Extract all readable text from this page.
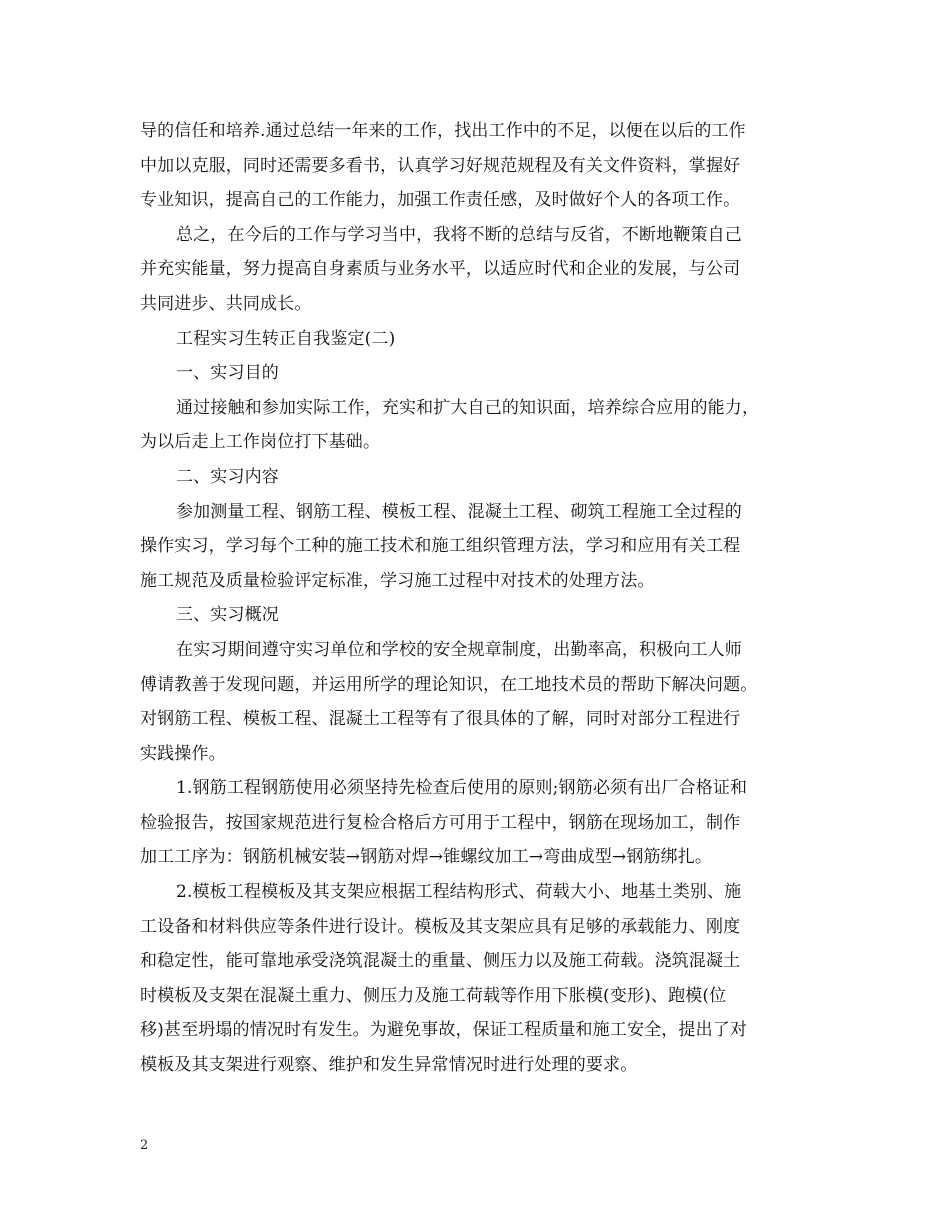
导的信任和培养.通过总结一年来的工作，找出工作中的不足，以便在以后的工作
中加以克服，同时还需要多看书，认真学习好规范规程及有关文件资料，掌握好
专业知识，提高自己的工作能力，加强工作责任感，及时做好个人的各项工作。

总之，在今后的工作与学习当中，我将不断的总结与反省，不断地鞭策自己
并充实能量，努力提高自身素质与业务水平，以适应时代和企业的发展，与公司
共同进步、共同成长。

工程实习生转正自我鉴定(二)

一、实习目的

通过接触和参加实际工作，充实和扩大自己的知识面，培养综合应用的能力，
为以后走上工作岗位打下基础。

二、实习内容

参加测量工程、钢筋工程、模板工程、混凝土工程、砌筑工程施工全过程的
操作实习，学习每个工种的施工技术和施工组织管理方法，学习和应用有关工程
施工规范及质量检验评定标准，学习施工过程中对技术的处理方法。

三、实习概况

在实习期间遵守实习单位和学校的安全规章制度，出勤率高，积极向工人师
傅请教善于发现问题，并运用所学的理论知识，在工地技术员的帮助下解决问题。
对钢筋工程、模板工程、混凝土工程等有了很具体的了解，同时对部分工程进行
实践操作。

1.钢筋工程钢筋使用必须坚持先检查后使用的原则;钢筋必须有出厂合格证和
检验报告，按国家规范进行复检合格后方可用于工程中，钢筋在现场加工，制作
加工工序为：钢筋机械安装→钢筋对焊→锥螺纹加工→弯曲成型→钢筋绑扎。

2.模板工程模板及其支架应根据工程结构形式、荷载大小、地基土类别、施
工设备和材料供应等条件进行设计。模板及其支架应具有足够的承载能力、刚度
和稳定性，能可靠地承受浇筑混凝土的重量、侧压力以及施工荷载。浇筑混凝土
时模板及支架在混凝土重力、侧压力及施工荷载等作用下胀模(变形)、跑模(位
移)甚至坍塌的情况时有发生。为避免事故，保证工程质量和施工安全，提出了对
模板及其支架进行观察、维护和发生异常情况时进行处理的要求。

2
